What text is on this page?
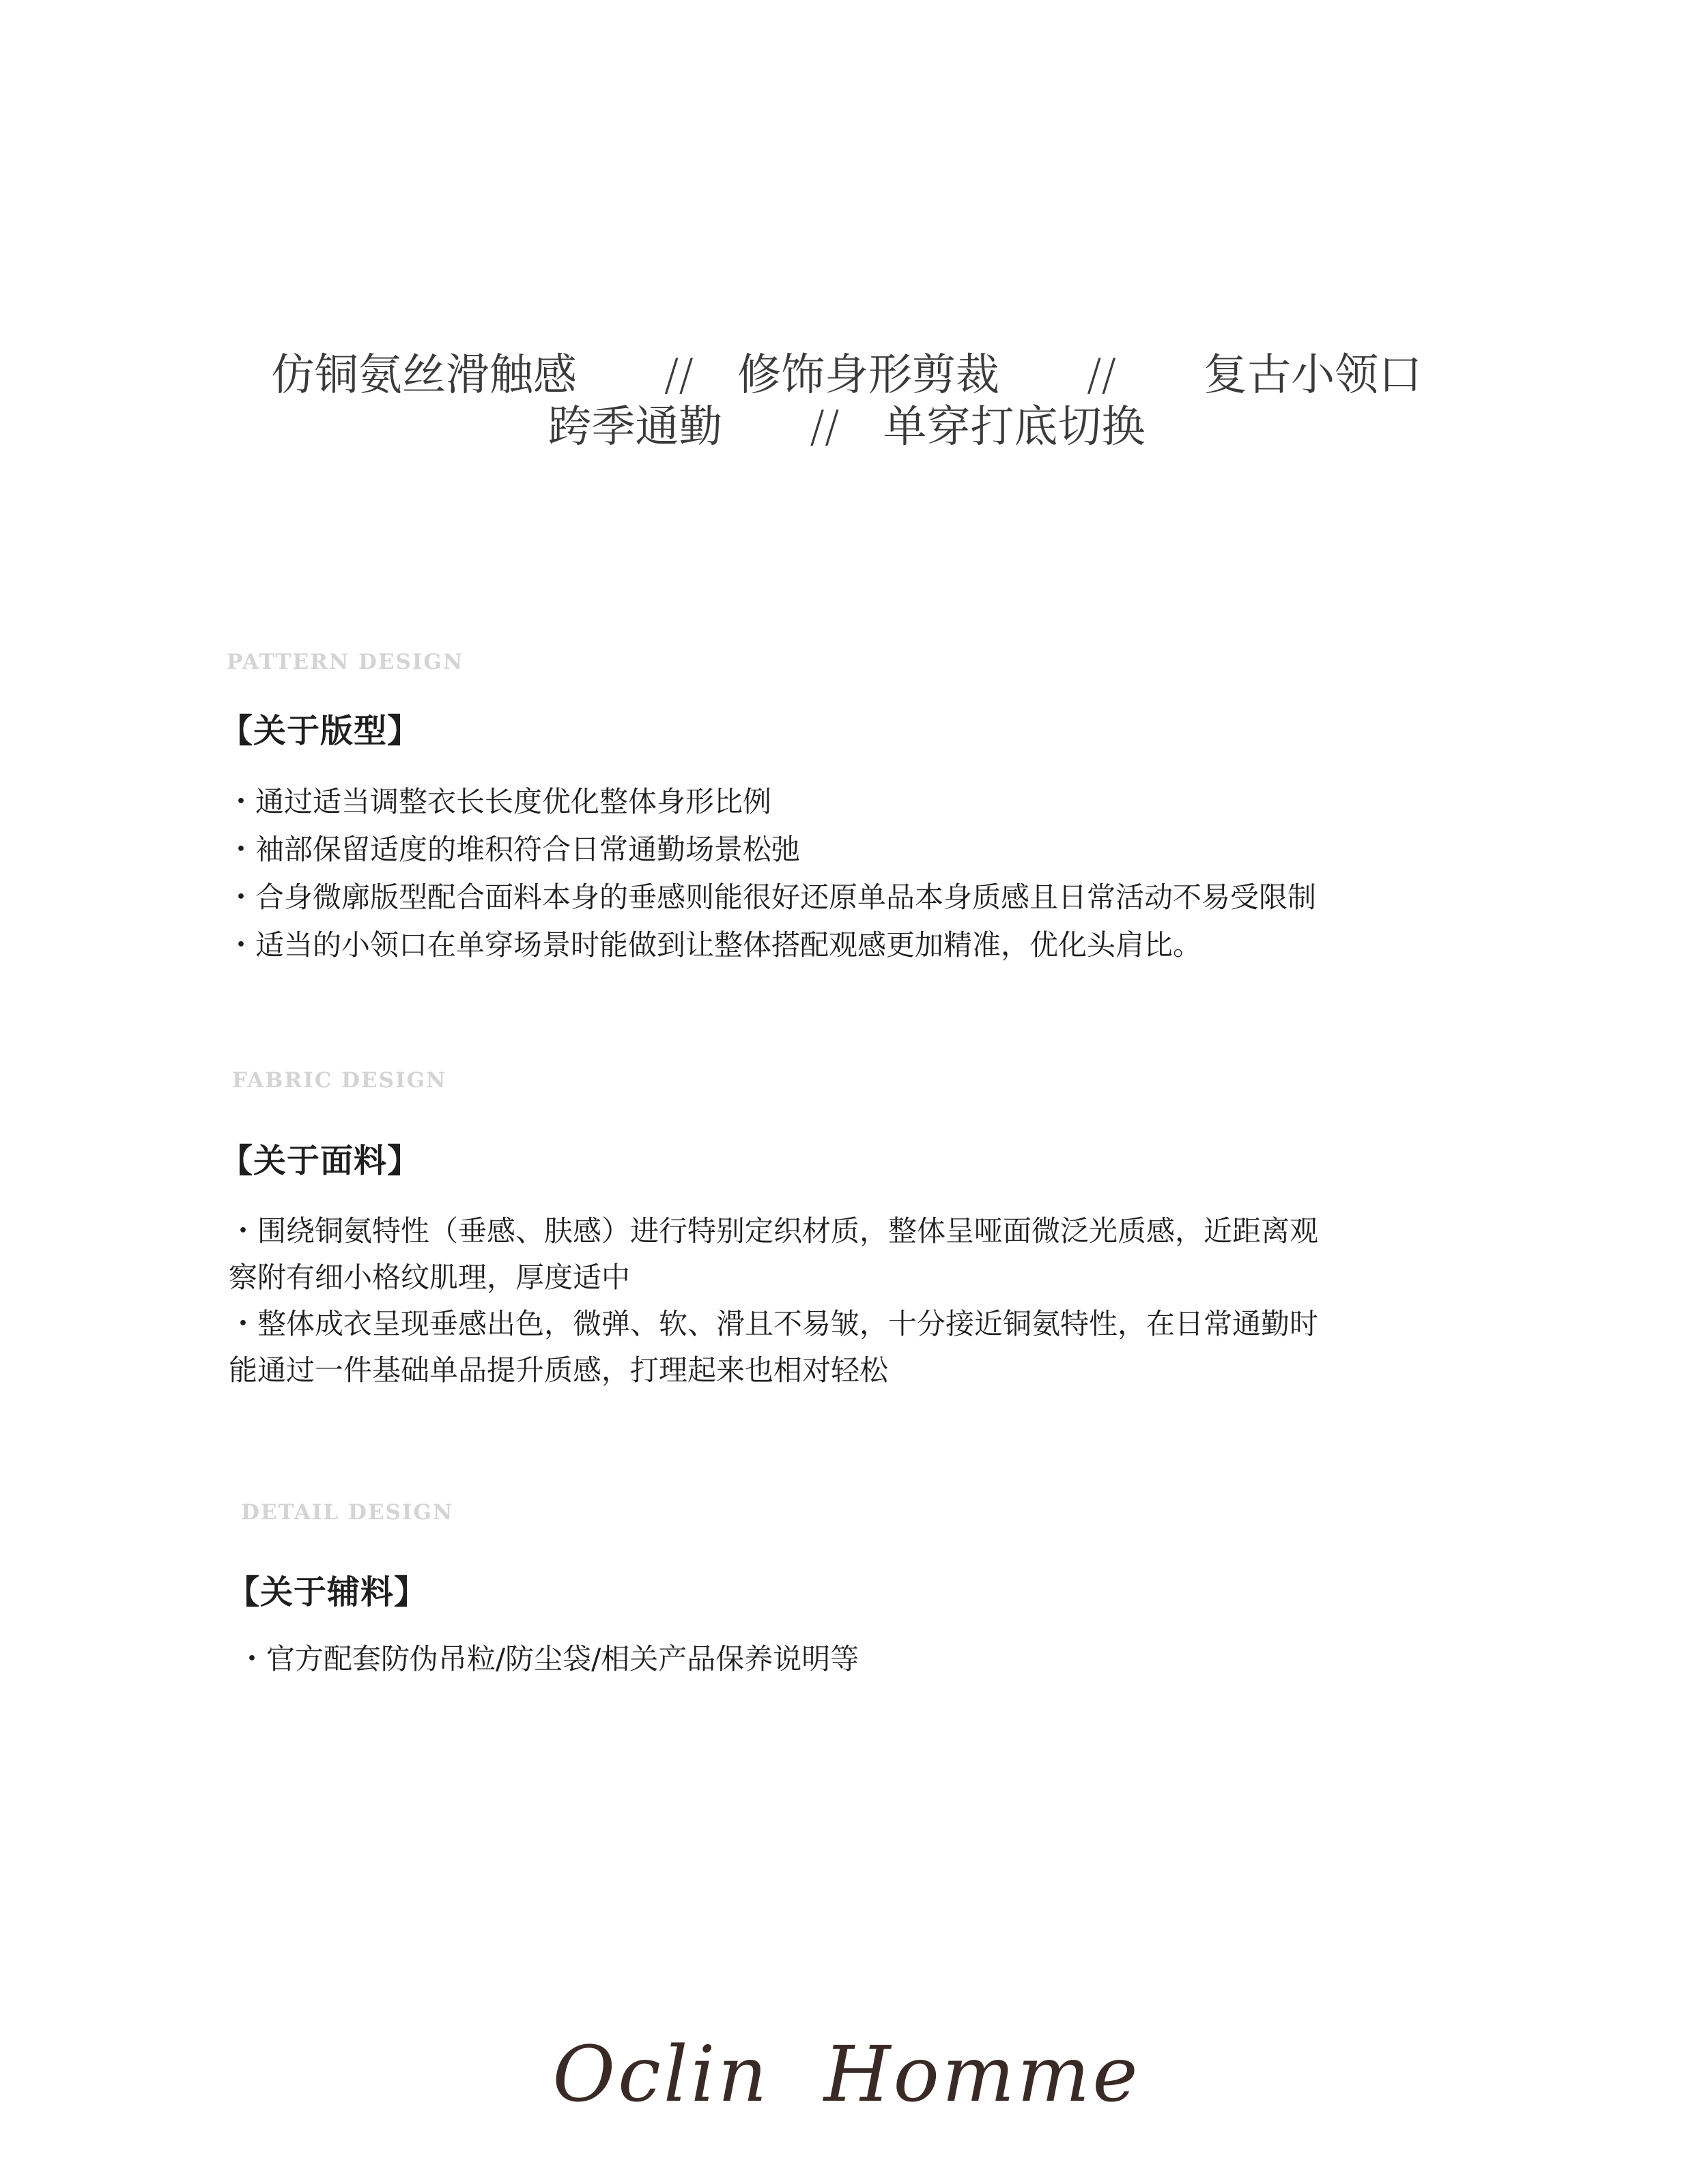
仿铜氨丝滑触感　　//　修饰身形剪裁　　//　　复古小领口
跨季通勤　　//　单穿打底切换
PATTERN DESIGN
【关于版型】
・通过适当调整衣长长度优化整体身形比例
・袖部保留适度的堆积符合日常通勤场景松弛
・合身微廓版型配合面料本身的垂感则能很好还原单品本身质感且日常活动不易受限制
・适当的小领口在单穿场景时能做到让整体搭配观感更加精准，优化头肩比。
FABRIC DESIGN
【关于面料】
・围绕铜氨特性（垂感、肤感）进行特别定织材质，整体呈哑面微泛光质感，近距离观
察附有细小格纹肌理，厚度适中
・整体成衣呈现垂感出色，微弹、软、滑且不易皱，十分接近铜氨特性，在日常通勤时
能通过一件基础单品提升质感，打理起来也相对轻松
DETAIL DESIGN
【关于辅料】
・官方配套防伪吊粒/防尘袋/相关产品保养说明等
Oclin  Homme
